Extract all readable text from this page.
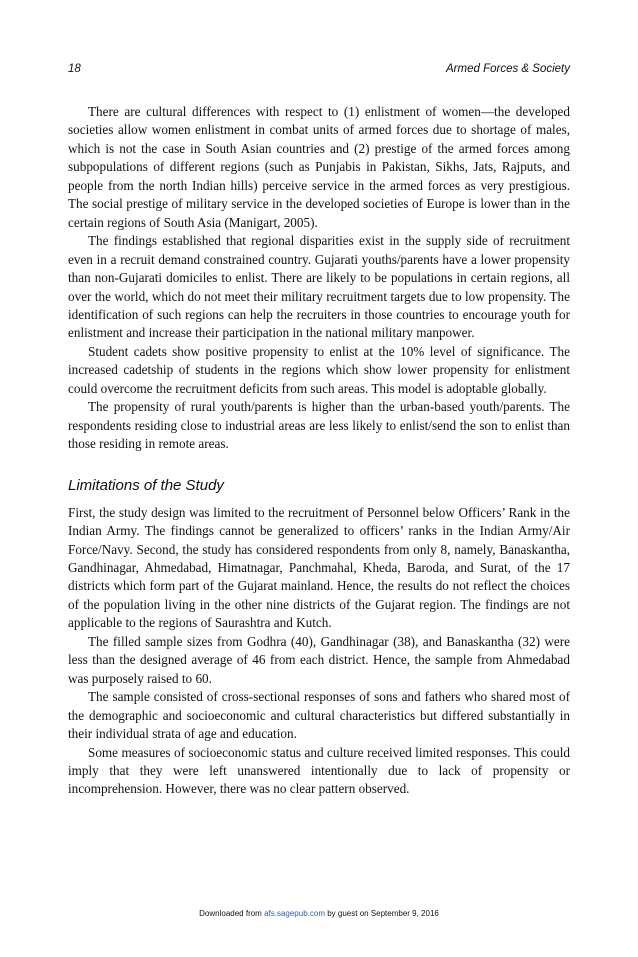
18	Armed Forces & Society

There are cultural differences with respect to (1) enlistment of women—the developed societies allow women enlistment in combat units of armed forces due to shortage of males, which is not the case in South Asian countries and (2) prestige of the armed forces among subpopulations of different regions (such as Punjabis in Pakistan, Sikhs, Jats, Rajputs, and people from the north Indian hills) perceive service in the armed forces as very prestigious. The social prestige of military service in the developed societies of Europe is lower than in the certain regions of South Asia (Manigart, 2005).

The findings established that regional disparities exist in the supply side of recruitment even in a recruit demand constrained country. Gujarati youths/parents have a lower propensity than non-Gujarati domiciles to enlist. There are likely to be populations in certain regions, all over the world, which do not meet their military recruitment targets due to low propensity. The identification of such regions can help the recruiters in those countries to encourage youth for enlistment and increase their participation in the national military manpower.

Student cadets show positive propensity to enlist at the 10% level of significance. The increased cadetship of students in the regions which show lower propensity for enlistment could overcome the recruitment deficits from such areas. This model is adoptable globally.

The propensity of rural youth/parents is higher than the urban-based youth/parents. The respondents residing close to industrial areas are less likely to enlist/send the son to enlist than those residing in remote areas.

Limitations of the Study

First, the study design was limited to the recruitment of Personnel below Officers’ Rank in the Indian Army. The findings cannot be generalized to officers’ ranks in the Indian Army/Air Force/Navy. Second, the study has considered respondents from only 8, namely, Banaskantha, Gandhinagar, Ahmedabad, Himatnagar, Panchmahal, Kheda, Baroda, and Surat, of the 17 districts which form part of the Gujarat mainland. Hence, the results do not reflect the choices of the population living in the other nine districts of the Gujarat region. The findings are not applicable to the regions of Saurashtra and Kutch.

The filled sample sizes from Godhra (40), Gandhinagar (38), and Banaskantha (32) were less than the designed average of 46 from each district. Hence, the sample from Ahmedabad was purposely raised to 60.

The sample consisted of cross-sectional responses of sons and fathers who shared most of the demographic and socioeconomic and cultural characteristics but differed substantially in their individual strata of age and education.

Some measures of socioeconomic status and culture received limited responses. This could imply that they were left unanswered intentionally due to lack of propensity or incomprehension. However, there was no clear pattern observed.

Downloaded from afs.sagepub.com by guest on September 9, 2016
